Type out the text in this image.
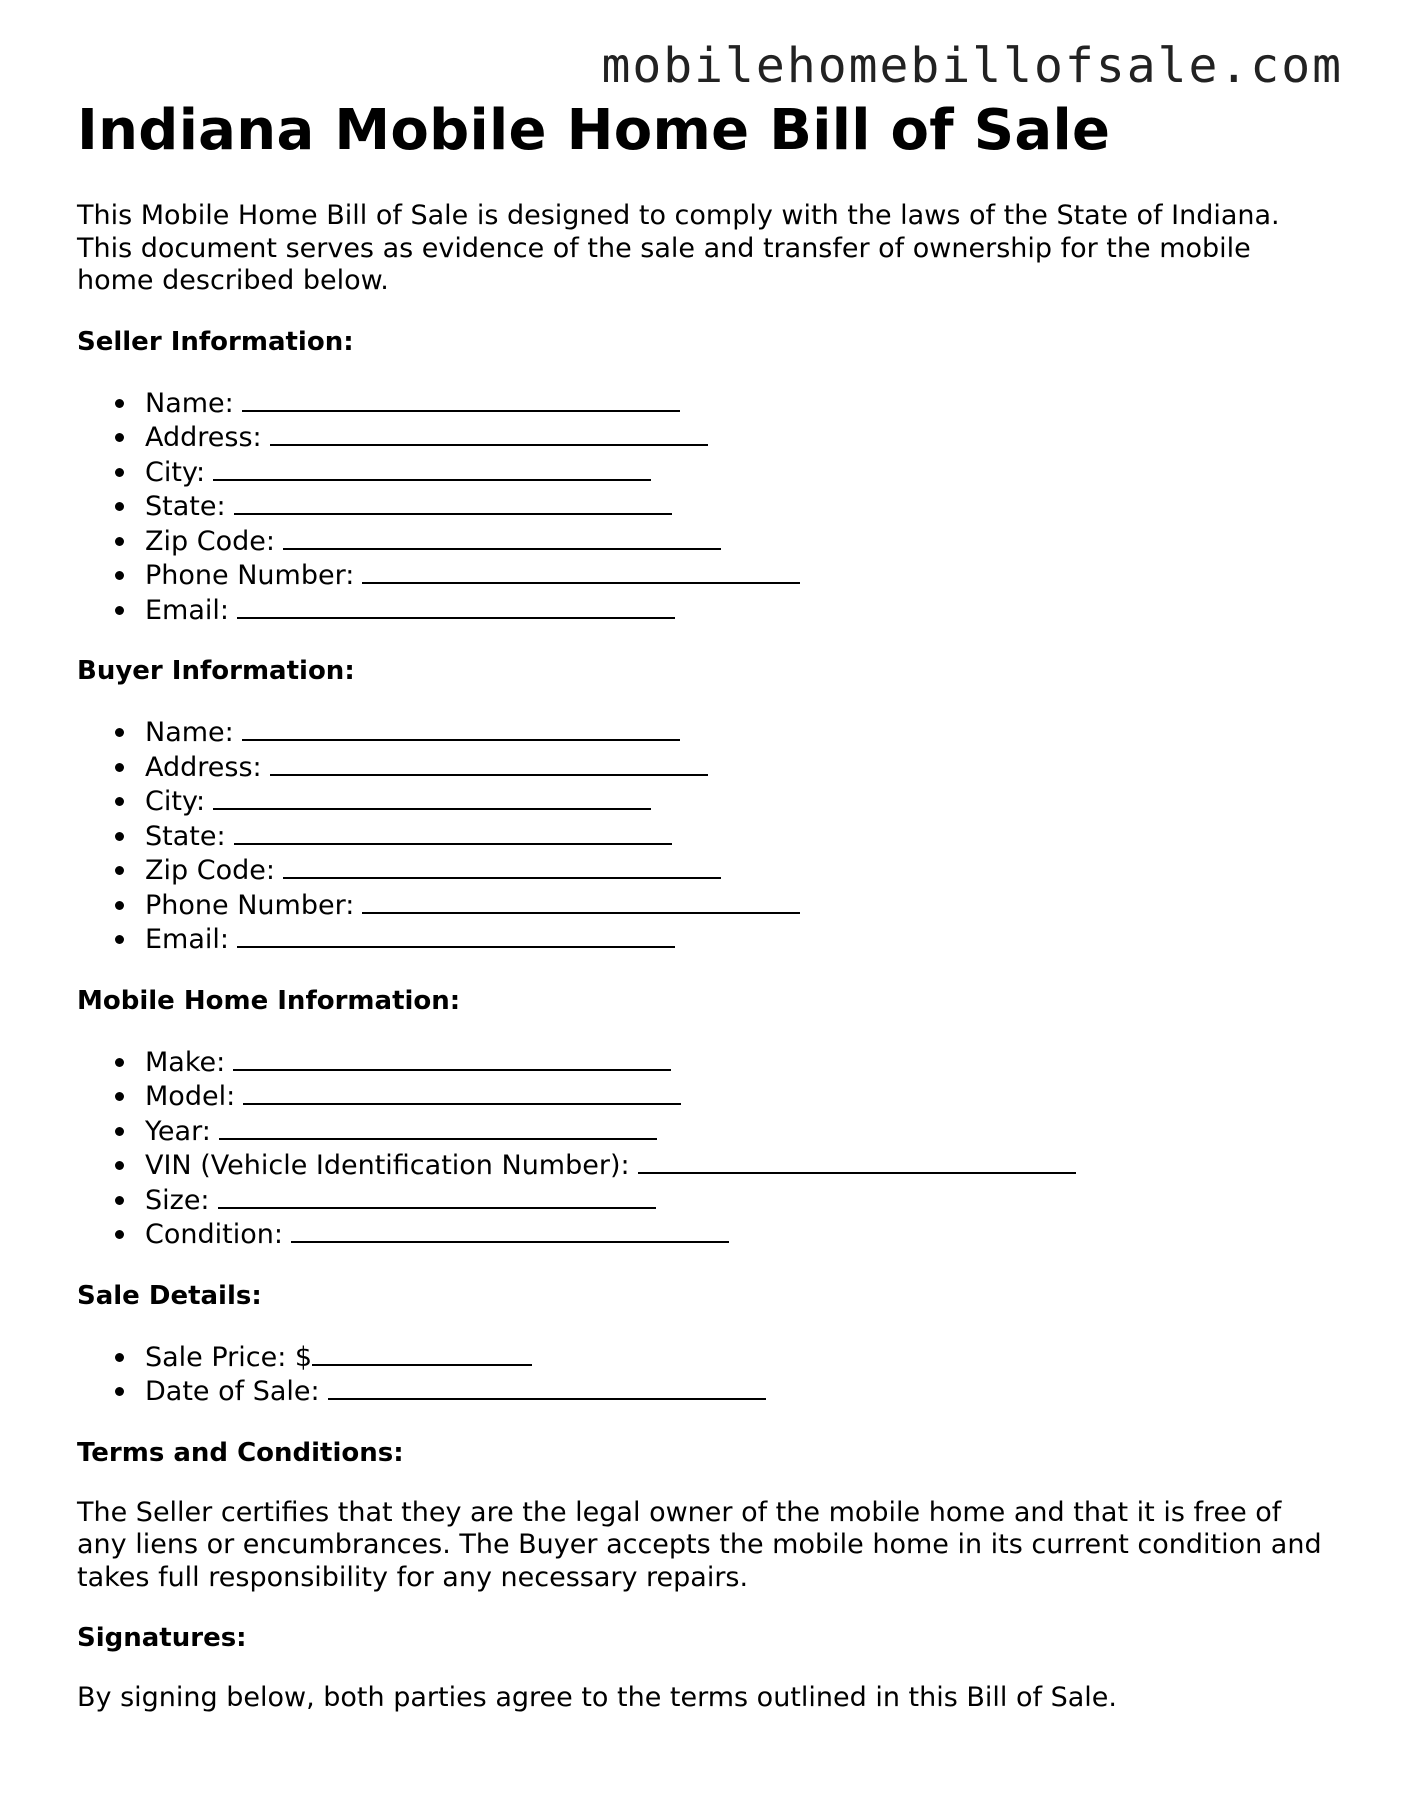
mobilehomebillofsale.com
Indiana Mobile Home Bill of Sale

This Mobile Home Bill of Sale is designed to comply with the laws of the State of Indiana. This document serves as evidence of the sale and transfer of ownership for the mobile home described below.

Seller Information:
Name:
Address:
City:
State:
Zip Code:
Phone Number:
Email:
Buyer Information:
Name:
Address:
City:
State:
Zip Code:
Phone Number:
Email:
Mobile Home Information:
Make:
Model:
Year:
VIN (Vehicle Identification Number):
Size:
Condition:
Sale Details:
Sale Price: $
Date of Sale:
Terms and Conditions:

The Seller certifies that they are the legal owner of the mobile home and that it is free of any liens or encumbrances. The Buyer accepts the mobile home in its current condition and takes full responsibility for any necessary repairs.

Signatures:

By signing below, both parties agree to the terms outlined in this Bill of Sale.
